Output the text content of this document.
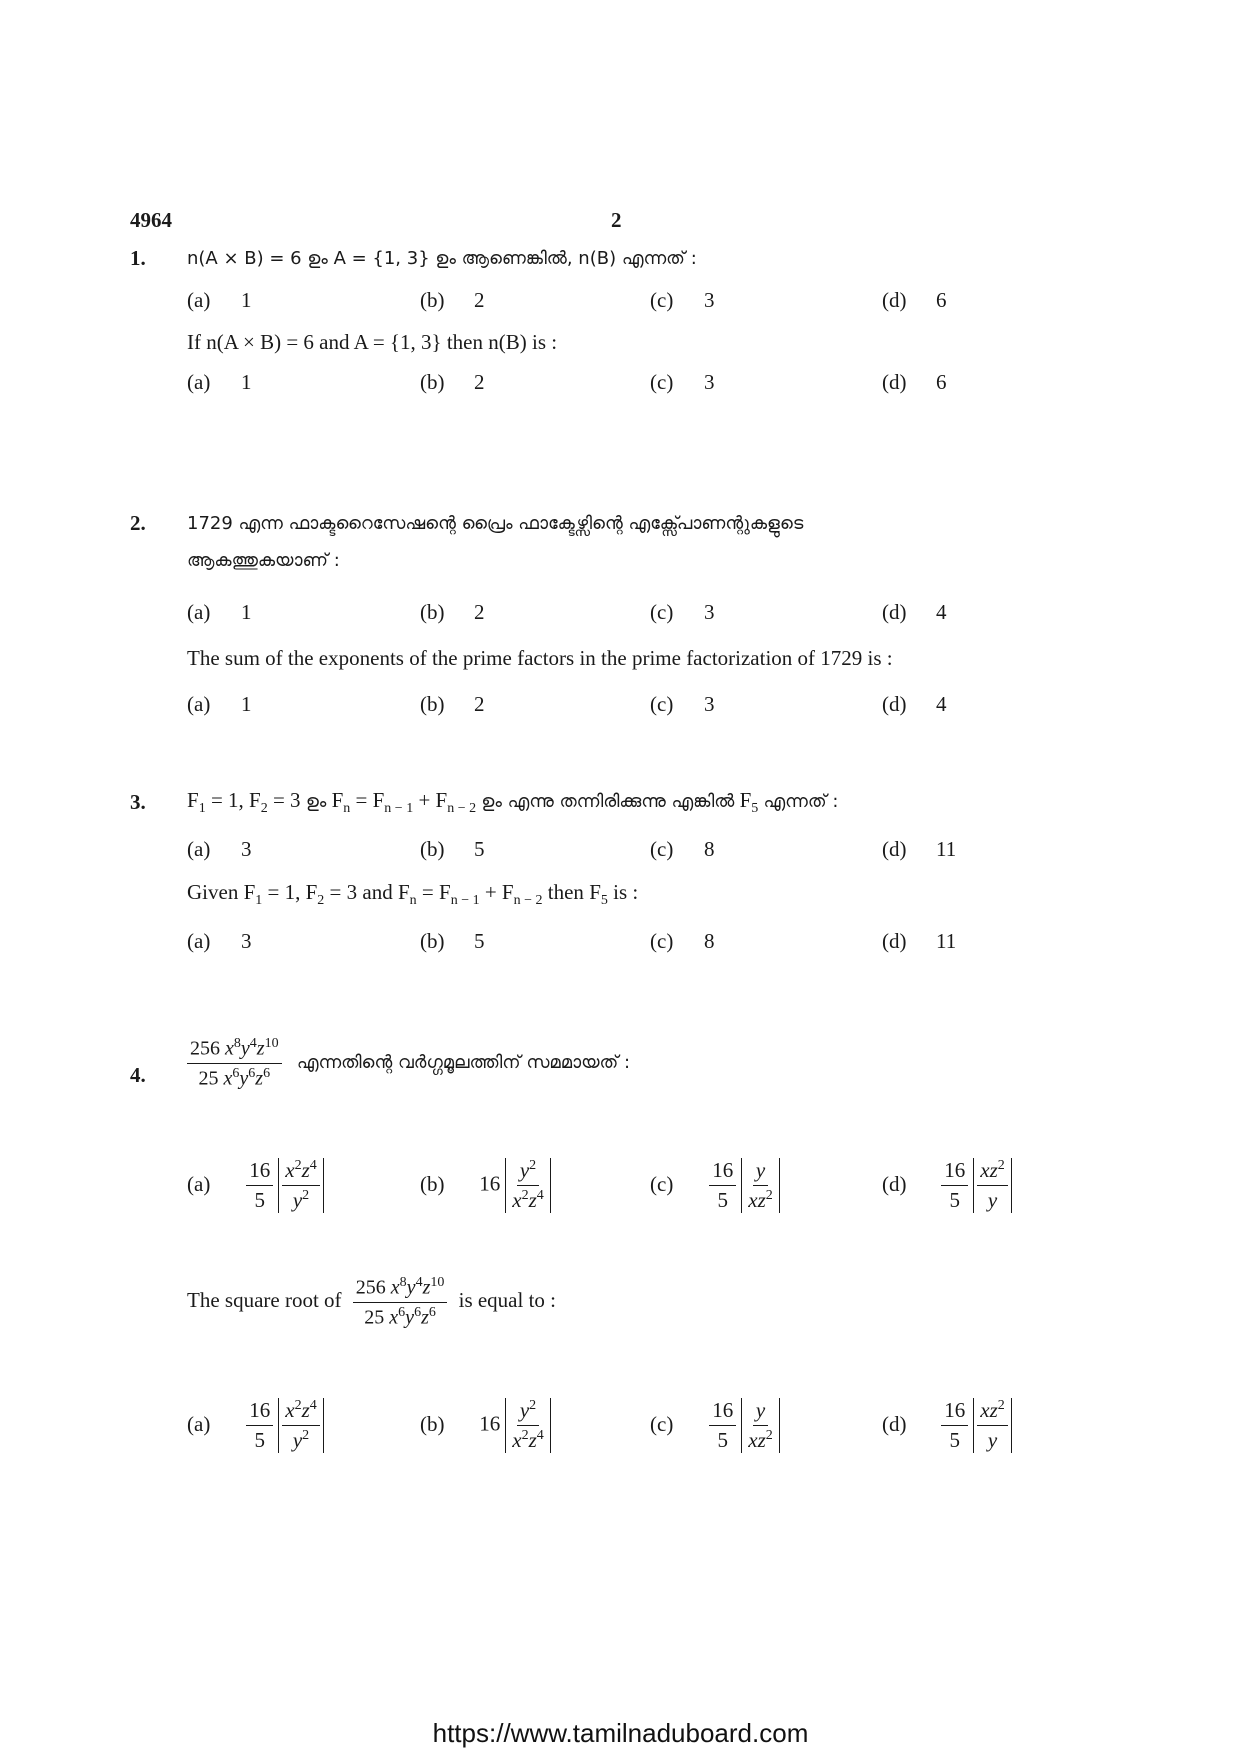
4964	2
1. n(A × B) = 6 ഉം A = {1, 3} ഉം ആണെങ്കിൽ, n(B) എന്നത് :
(a) 1	(b) 2	(c) 3	(d) 6
If n(A × B) = 6 and A = {1, 3} then n(B) is :
(a) 1	(b) 2	(c) 3	(d) 6
2. 1729 എന്ന ഫാക്ടറൈസേഷന്റെ പ്രൈം ഫാക്ടേഴ്സിന്റെ എക്സ്പോണന്റുകളുടെ
ആകത്തുകയാണ് :
(a) 1	(b) 2	(c) 3	(d) 4
The sum of the exponents of the prime factors in the prime factorization of 1729 is :
(a) 1	(b) 2	(c) 3	(d) 4
3. $F_1 = 1$, $F_2 = 3$ ഉം $F_n = F_{n - 1} + F_{n - 2}$ ഉം എന്നു തന്നിരിക്കുന്നു എങ്കിൽ $F_5$ എന്നത് :
(a) 3	(b) 5	(c) 8	(d) 11
Given $F_1 = 1$, $F_2 = 3$ and $F_n = F_{n - 1} + F_{n - 2}$ then $F_5$ is :
(a) 3	(b) 5	(c) 8	(d) 11
4. $\frac{256 x^8y^4z^{10}}{25 x^6y^6z^6}$ എന്നതിന്റെ വർഗ്ഗമൂലത്തിന് സമമായത് :
$(a) \frac{16}{5} \frac{x^2z^4}{y^2}$	(b) $16 \frac{y^2}{x^2z^4}$	$(c) \frac{16}{5} \frac{y}{xz^2}$	$(d) \frac{16}{5} \frac{xz^2}{y}$
The square root of $\frac{256 x^8y^4z^{10}}{25 x^6y^6z^6}$ is equal to :
$(a) \frac{16}{5} \frac{x^2z^4}{y^2}$	(b) $16 \frac{y^2}{x^2z^4}$	$(c) \frac{16}{5} \frac{y}{xz^2}$	$(d) \frac{16}{5} \frac{xz^2}{y}$
https://www.tamilnaduboard.com
